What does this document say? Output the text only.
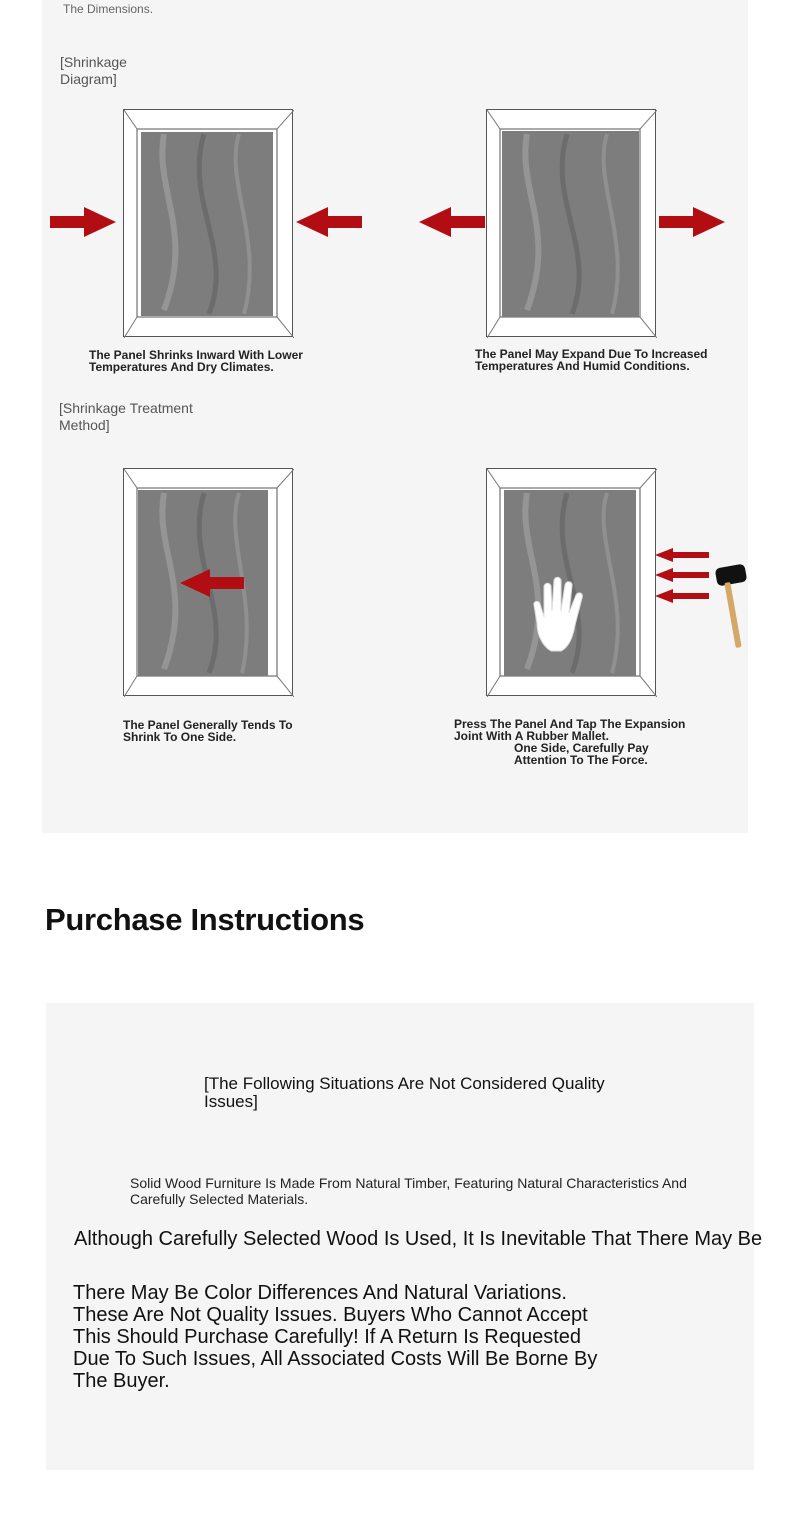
The Dimensions.
[Shrinkage Diagram]
The Panel Shrinks Inward With Lower Temperatures And Dry Climates.
The Panel May Expand Due To Increased Temperatures And Humid Conditions.
[Shrinkage Treatment Method]
The Panel Generally Tends To Shrink To One Side.
Press The Panel And Tap The Expansion Joint With A Rubber Mallet.
One Side, Carefully Pay Attention To The Force.
Purchase Instructions
[The Following Situations Are Not Considered Quality Issues]
Solid Wood Furniture Is Made From Natural Timber, Featuring Natural Characteristics And Carefully Selected Materials.
Although Carefully Selected Wood Is Used, It Is Inevitable That There May Be
There May Be Color Differences And Natural Variations. These Are Not Quality Issues. Buyers Who Cannot Accept This Should Purchase Carefully! If A Return Is Requested Due To Such Issues, All Associated Costs Will Be Borne By The Buyer.
